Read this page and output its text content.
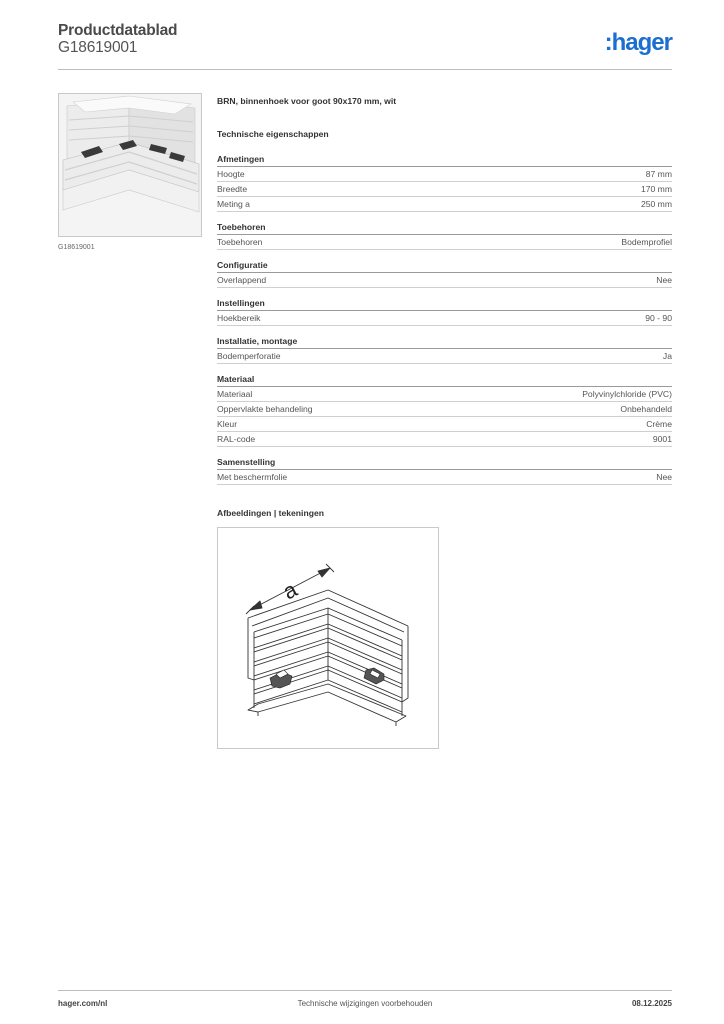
Productdatablad
G18619001	:hager
G18619001
BRN, binnenhoek voor goot 90x170 mm, wit
Technische eigenschappen
Afmetingen
Hoogte	87 mm
Breedte	170 mm
Meting a	250 mm
Toebehoren
Toebehoren	Bodemprofiel
Configuratie
Overlappend	Nee
Instellingen
Hoekbereik	90 - 90
Installatie, montage
Bodemperforatie	Ja
Materiaal
Materiaal	Polyvinylchloride (PVC)
Oppervlakte behandeling	Onbehandeld
Kleur	Crème
RAL-code	9001
Samenstelling
Met beschermfolie	Nee
Afbeeldingen | tekeningen
a
hager.com/nl	Technische wijzigingen voorbehouden	08.12.2025
